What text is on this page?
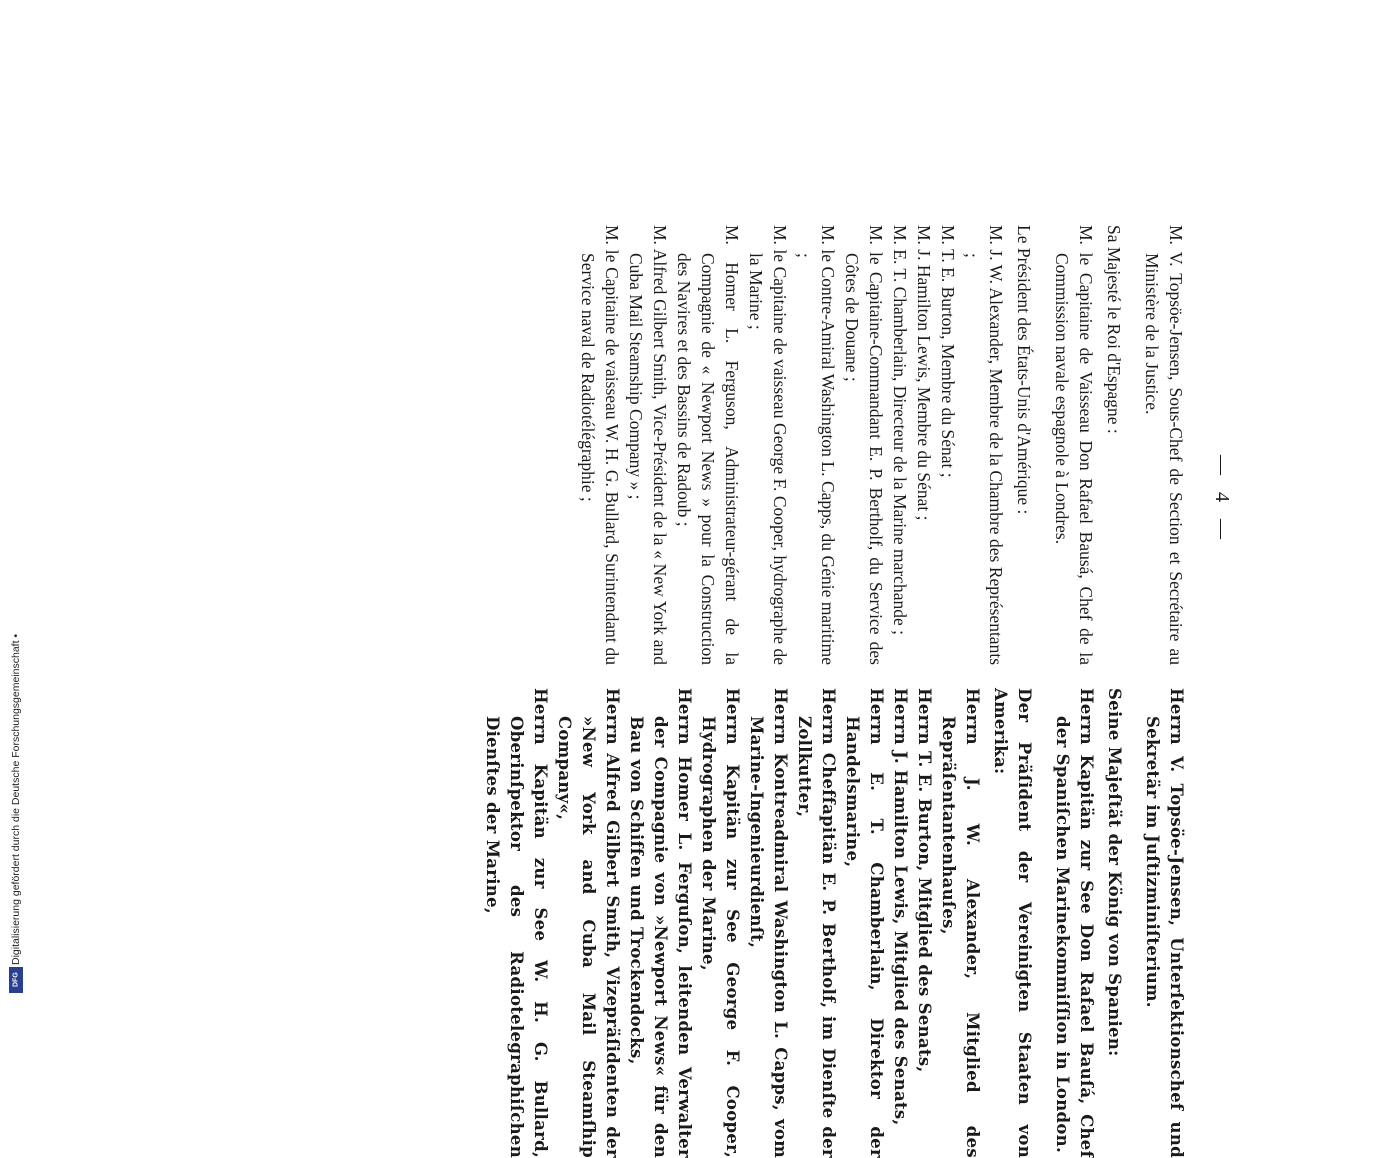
Digitalisierung gefördert durch die Deutsche Forschungsgemeinschaft •
DFG
— 4 —

M. V. Topsöe-Jensen, Sous-Chef de Section et Secrétaire au Ministère de la Justice.

Sa Majesté le Roi d'Espagne :

M. le Capitaine de Vaisseau Don Rafael Bausá, Chef de la Commission navale espagnole à Londres.

Le Président des États-Unis d'Amérique :

M. J. W. Alexander, Membre de la Chambre des Représentants ;

M. T. E. Burton, Membre du Sénat ;

M. J. Hamilton Lewis, Membre du Sénat ;

M. E. T. Chamberlain, Directeur de la Marine marchande ;

M. le Capitaine-Commandant E. P. Bertholf, du Service des Côtes de Douane ;

M. le Contre-Amiral Washington L. Capps, du Génie maritime ;

M. le Capitaine de vaisseau George F. Cooper, hydrographe de la Marine ;

M. Homer L. Ferguson, Administrateur-gérant de la Compagnie de « Newport News » pour la Construction des Navires et des Bassins de Radoub ;

M. Alfred Gilbert Smith, Vice-Président de la « New York and Cuba Mail Steamship Company » ;

M. le Capitaine de vaisseau W. H. G. Bullard, Surintendant du Service naval de Radiotélégraphie ;

Herrn V. Topsöe-Jensen, Unterſektionschef und Sekretär im Juſtizminiſterium.

Seine Majeſtät der König von Spanien:

Herrn Kapitän zur See Don Rafael Bauſá, Chef der Spaniſchen Marinekommiſſion in London.

Der Präſident der Vereinigten Staaten von Amerika:

Herrn J. W. Alexander, Mitglied des Repräſentantenhauſes,

Herrn T. E. Burton, Mitglied des Senats,

Herrn J. Hamilton Lewis, Mitglied des Senats,

Herrn E. T. Chamberlain, Direktor der Handelsmarine,

Herrn Cheffapitän E. P. Bertholf, im Dienſte der Zollkutter,

Herrn Kontreadmiral Washington L. Capps, vom Marine-Ingenieurdienſt,

Herrn Kapitän zur See George F. Cooper, Hydrographen der Marine,

Herrn Homer L. Ferguſon, leitenden Verwalter der Compagnie von »Newport News« für den Bau von Schiffen und Trockendocks,

Herrn Alfred Gilbert Smith, Vizepräſidenten der »New York and Cuba Mail Steamſhip Company«,

Herrn Kapitän zur See W. H. G. Bullard, Oberinſpektor des Radiotelegraphiſchen Dienſtes der Marine,
